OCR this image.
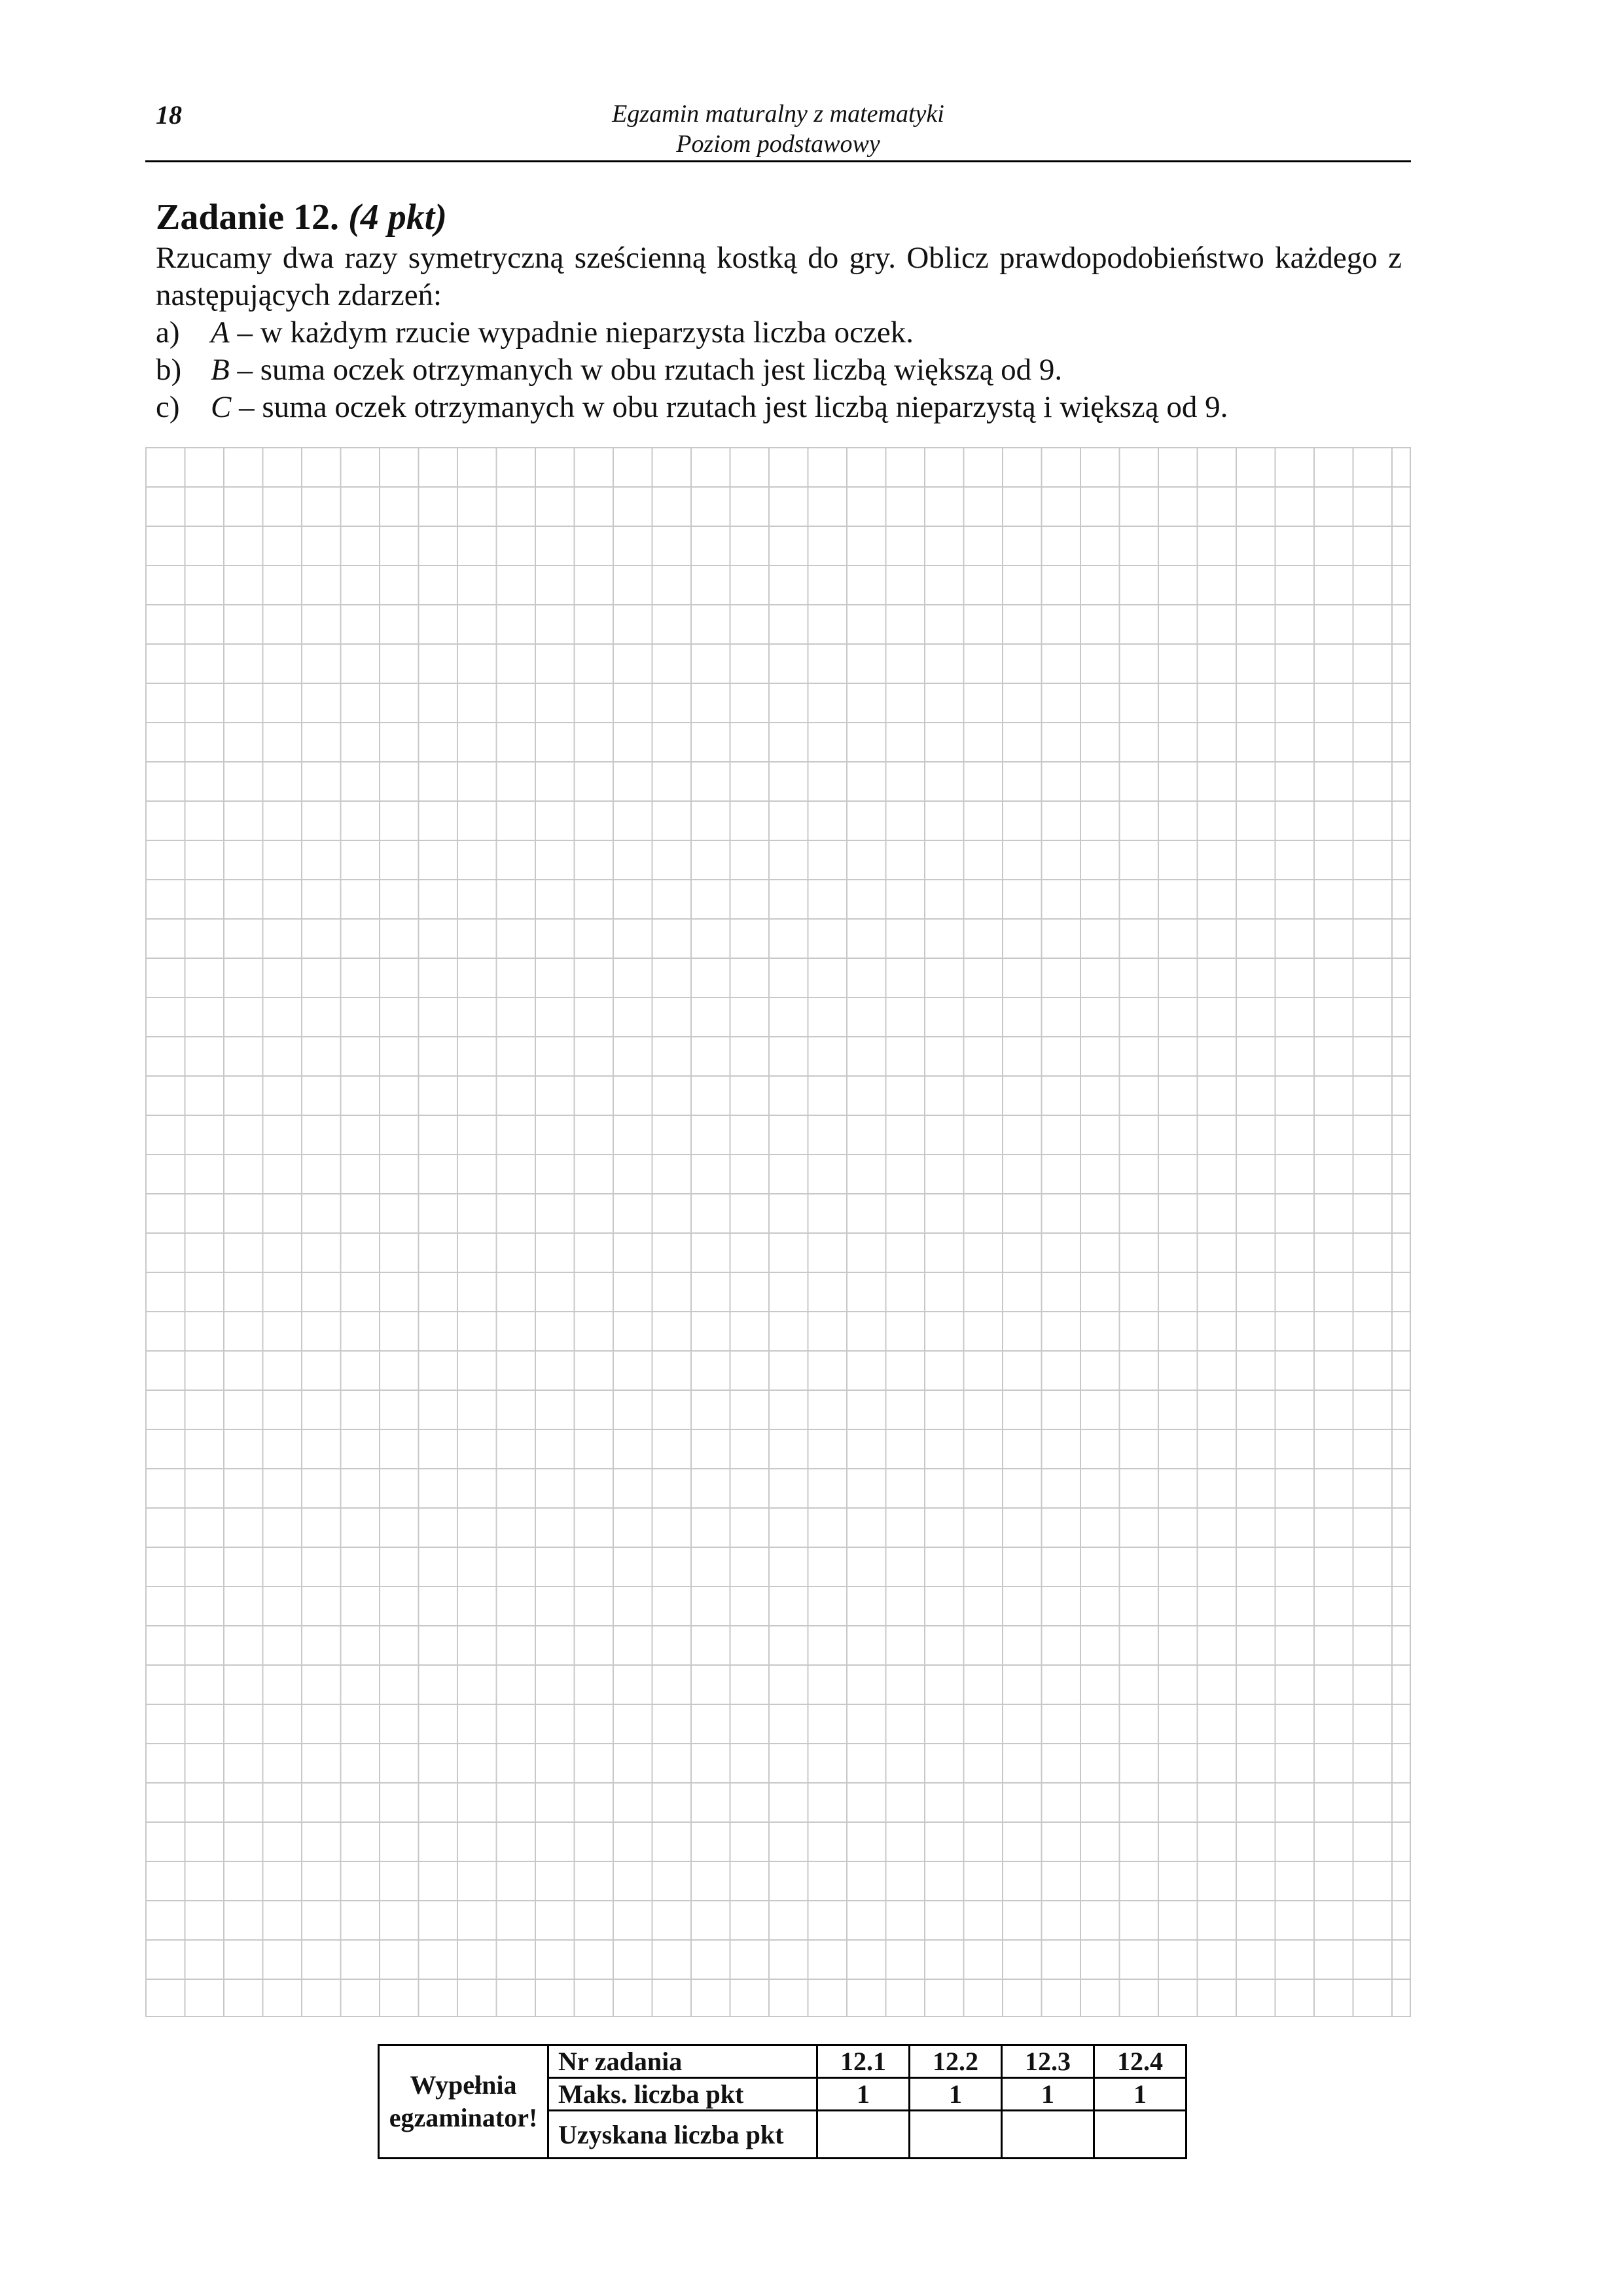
18	Egzamin maturalny z matematyki
Poziom podstawowy
Zadanie 12. (4 pkt)
Rzucamy dwa razy symetryczną sześcienną kostką do gry. Oblicz prawdopodobieństwo każdego z następujących zdarzeń:
a)	A – w każdym rzucie wypadnie nieparzysta liczba oczek.
b) B – suma oczek otrzymanych w obu rzutach jest liczbą większą od 9.
c)	C – suma oczek otrzymanych w obu rzutach jest liczbą nieparzystą i większą od 9.
Wypełnia egzaminator!	Nr zadania	12.1	12.2	12.3	12.4
	Maks. liczba pkt	1	1	1	1
	Uzyskana liczba pkt				
